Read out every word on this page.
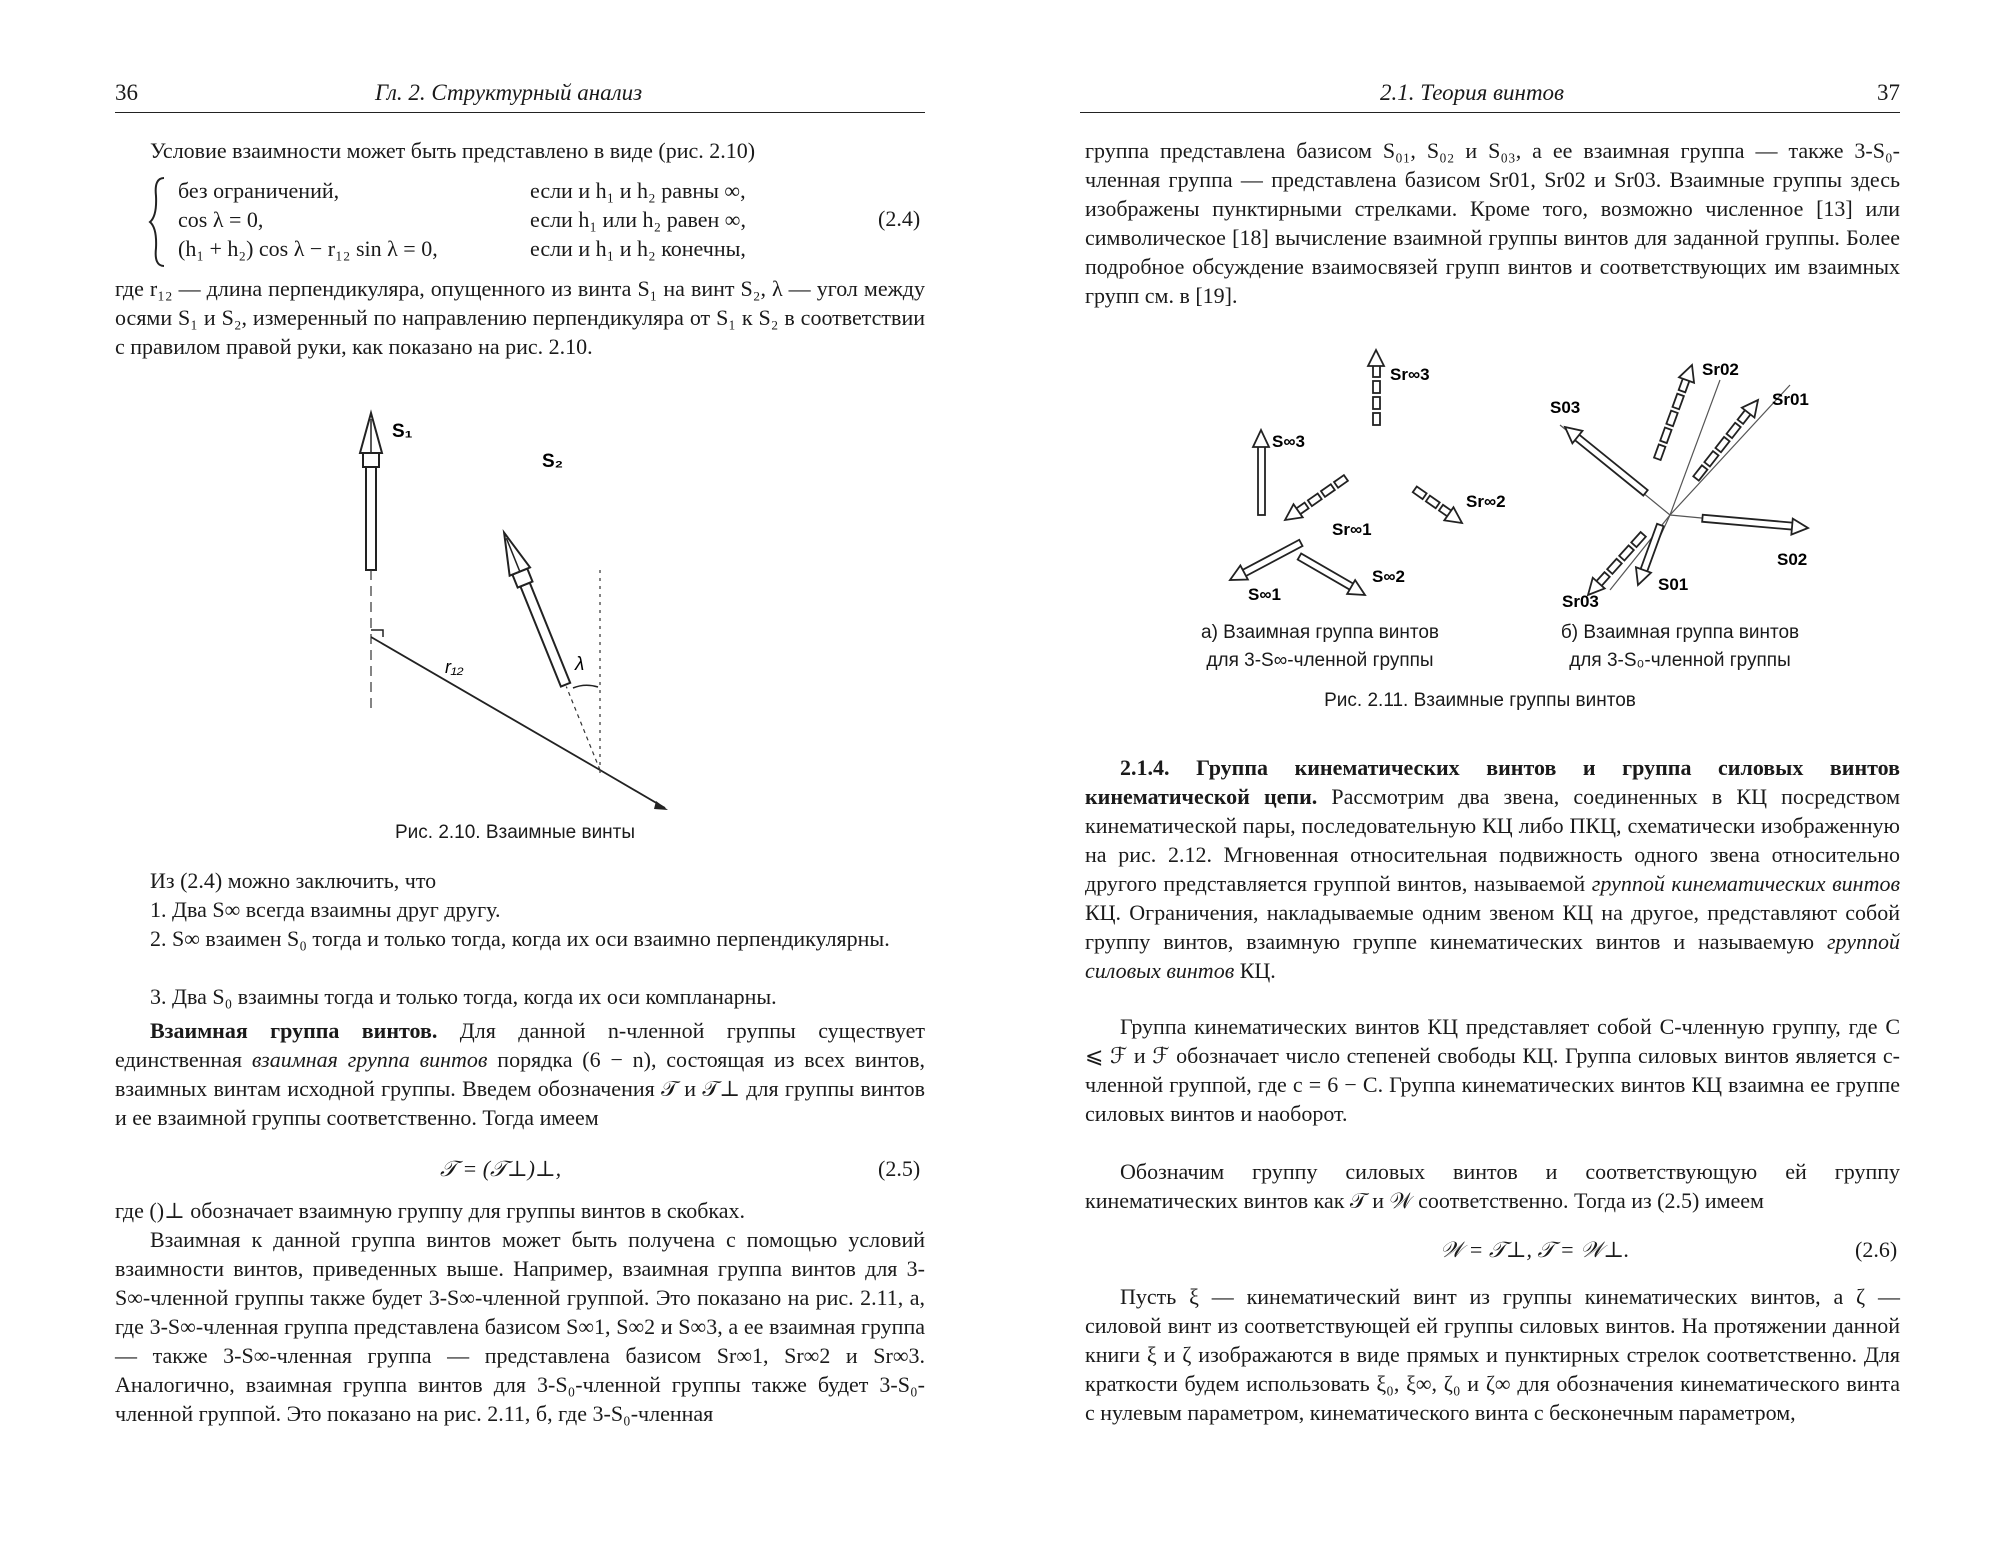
36	Гл. 2. Структурный анализ
Условие взаимности может быть представлено в виде (рис. 2.10)
без ограничений,	если и h₁ и h₂ равны ∞,
cos λ = 0,	если h₁ или h₂ равен ∞,
(h₁ + h₂) cos λ − r₁₂ sin λ = 0,	если и h₁ и h₂ конечны,
(2.4)
где r₁₂ — длина перпендикуляра, опущенного из винта S₁ на винт S₂, λ — угол между осями S₁ и S₂, измеренный по направлению перпендикуляра от S₁ к S₂ в соответствии с правилом правой руки, как показано на рис. 2.10.
S₁
r₁₂
S₂
λ
Рис. 2.10. Взаимные винты
Из (2.4) можно заключить, что
1. Два S∞ всегда взаимны друг другу.
2. S∞ взаимен S₀ тогда и только тогда, когда их оси взаимно перпендикулярны.
3. Два S₀ взаимны тогда и только тогда, когда их оси компланарны.
Взаимная группа винтов. Для данной n-членной группы существует единственная взаимная группа винтов порядка (6 − n), состоящая из всех винтов, взаимных винтам исходной группы. Введем обозначения 𝒯 и 𝒯⊥ для группы винтов и ее взаимной группы соответственно. Тогда имеем
𝒯 = (𝒯⊥)⊥,	(2.5)
где ()⊥ обозначает взаимную группу для группы винтов в скобках.
Взаимная к данной группа винтов может быть получена с помощью условий взаимности винтов, приведенных выше. Например, взаимная группа винтов для 3-S∞-членной группы также будет 3-S∞-членной группой. Это показано на рис. 2.11, а, где 3-S∞-членная группа представлена базисом S∞1, S∞2 и S∞3, а ее взаимная группа — также 3-S∞-членная группа — представлена базисом Sr∞1, Sr∞2 и Sr∞3. Аналогично, взаимная группа винтов для 3-S₀-членной группы также будет 3-S₀-членной группой. Это показано на рис. 2.11, б, где 3-S₀-членная
2.1. Теория винтов	37
группа представлена базисом S₀₁, S₀₂ и S₀₃, а ее взаимная группа — также 3-S₀-членная группа — представлена базисом Sr01, Sr02 и Sr03. Взаимные группы здесь изображены пунктирными стрелками. Кроме того, возможно численное [13] или символическое [18] вычисление взаимной группы винтов для заданной группы. Более подробное обсуждение взаимосвязей групп винтов и соответствующих им взаимных групп см. в [19].
S∞3
Sr∞3
S∞1
Sr∞1
S∞2
Sr∞2
S03
Sr02
Sr01
S02
S01
Sr03
а) Взаимная группа винтов
для 3-S∞-членной группы
б) Взаимная группа винтов
для 3-S₀-членной группы
Рис. 2.11. Взаимные группы винтов
2.1.4. Группа кинематических винтов и группа силовых винтов кинематической цепи. Рассмотрим два звена, соединенных в КЦ посредством кинематической пары, последовательную КЦ либо ПКЦ, схематически изображенную на рис. 2.12. Мгновенная относительная подвижность одного звена относительно другого представляется группой винтов, называемой группой кинематических винтов КЦ. Ограничения, накладываемые одним звеном КЦ на другое, представляют собой группу винтов, взаимную группе кинематических винтов и называемую группой силовых винтов КЦ.
Группа кинематических винтов КЦ представляет собой C-членную группу, где C ⩽ ℱ и ℱ обозначает число степеней свободы КЦ. Группа силовых винтов является c-членной группой, где c = 6 − C. Группа кинематических винтов КЦ взаимна ее группе силовых винтов и наоборот.
Обозначим группу силовых винтов и соответствующую ей группу кинематических винтов как 𝒯 и 𝒲 соответственно. Тогда из (2.5) имеем
𝒲 = 𝒯⊥, 𝒯 = 𝒲⊥.	(2.6)
Пусть ξ — кинематический винт из группы кинематических винтов, а ζ — силовой винт из соответствующей ей группы силовых винтов. На протяжении данной книги ξ и ζ изображаются в виде прямых и пунктирных стрелок соответственно. Для краткости будем использовать ξ₀, ξ∞, ζ₀ и ζ∞ для обозначения кинематического винта с нулевым параметром, кинематического винта с бесконечным параметром,
